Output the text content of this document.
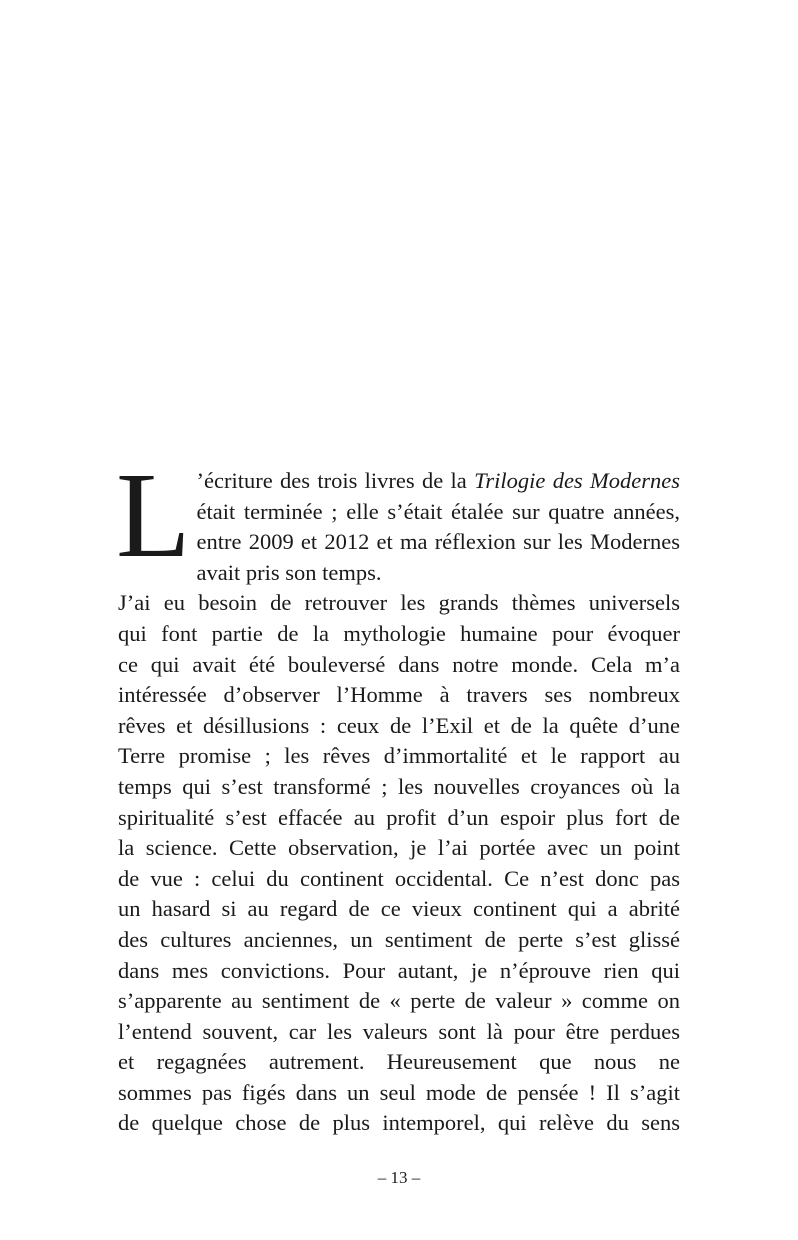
L ’écriture des trois livres de la Trilogie des Modernes
était terminée ; elle s’était étalée sur quatre années,
entre 2009 et 2012 et ma réflexion sur les Modernes
avait pris son temps.

J’ai eu besoin de retrouver les grands thèmes universels
qui font partie de la mythologie humaine pour évoquer
ce qui avait été bouleversé dans notre monde. Cela m’a
intéressée d’observer l’Homme à travers ses nombreux
rêves et désillusions : ceux de l’Exil et de la quête d’une
Terre promise ; les rêves d’immortalité et le rapport au
temps qui s’est transformé ; les nouvelles croyances où la
spiritualité s’est effacée au profit d’un espoir plus fort de
la science. Cette observation, je l’ai portée avec un point
de vue : celui du continent occidental. Ce n’est donc pas
un hasard si au regard de ce vieux continent qui a abrité
des cultures anciennes, un sentiment de perte s’est glissé
dans mes convictions. Pour autant, je n’éprouve rien qui
s’apparente au sentiment de « perte de valeur » comme on
l’entend souvent, car les valeurs sont là pour être perdues
et regagnées autrement. Heureusement que nous ne
sommes pas figés dans un seul mode de pensée ! Il s’agit
de quelque chose de plus intemporel, qui relève du sens

– 13 –
